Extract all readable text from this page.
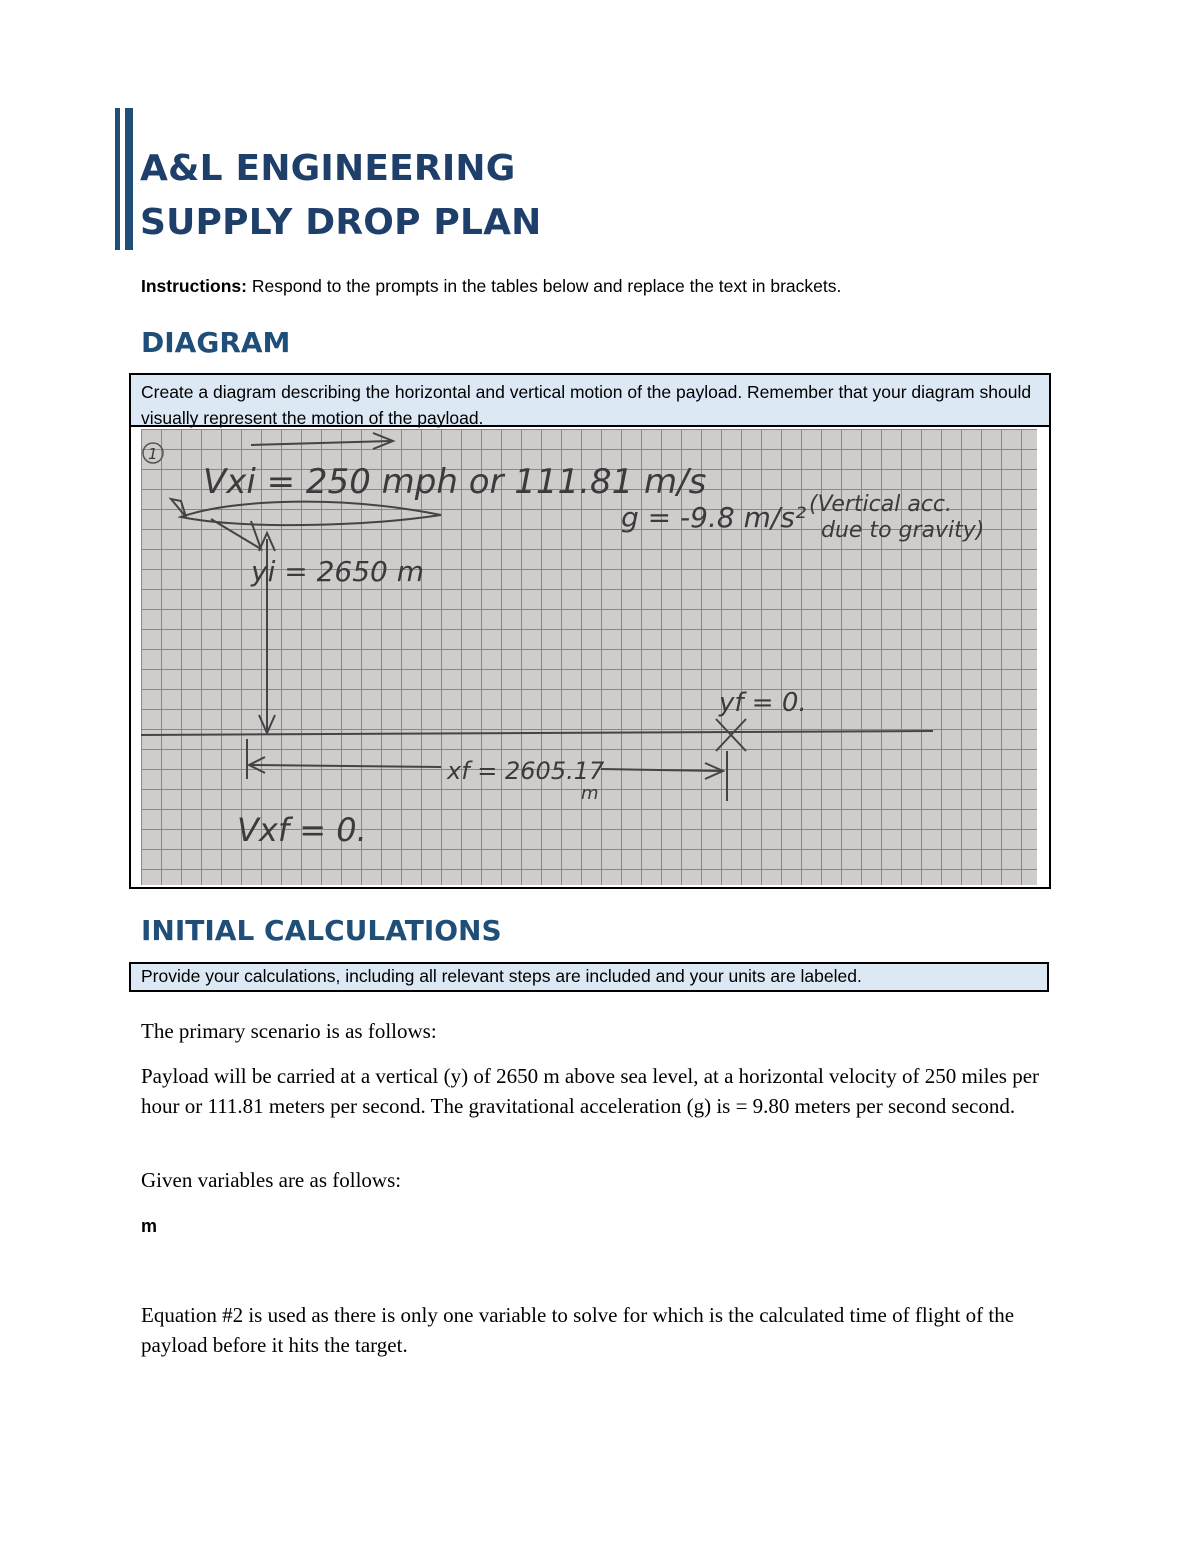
A&L ENGINEERING
SUPPLY DROP PLAN
Instructions: Respond to the prompts in the tables below and replace the text in brackets.
DIAGRAM
Create a diagram describing the horizontal and vertical motion of the payload. Remember that your diagram should visually represent the motion of the payload.
1
Vxi = 250 mph or 111.81 m/s
g = -9.8 m/s² (Vertical acc.
due to gravity)
yi = 2650 m
yf = 0.
xf = 2605.17
m
Vxf = 0.
INITIAL CALCULATIONS
Provide your calculations, including all relevant steps are included and your units are labeled.
The primary scenario is as follows:
Payload will be carried at a vertical (y) of 2650 m above sea level, at a horizontal velocity of 250 miles per hour or 111.81 meters per second. The gravitational acceleration (g) is = 9.80 meters per second second.
Given variables are as follows:
m
Equation #2 is used as there is only one variable to solve for which is the calculated time of flight of the payload before it hits the target.
